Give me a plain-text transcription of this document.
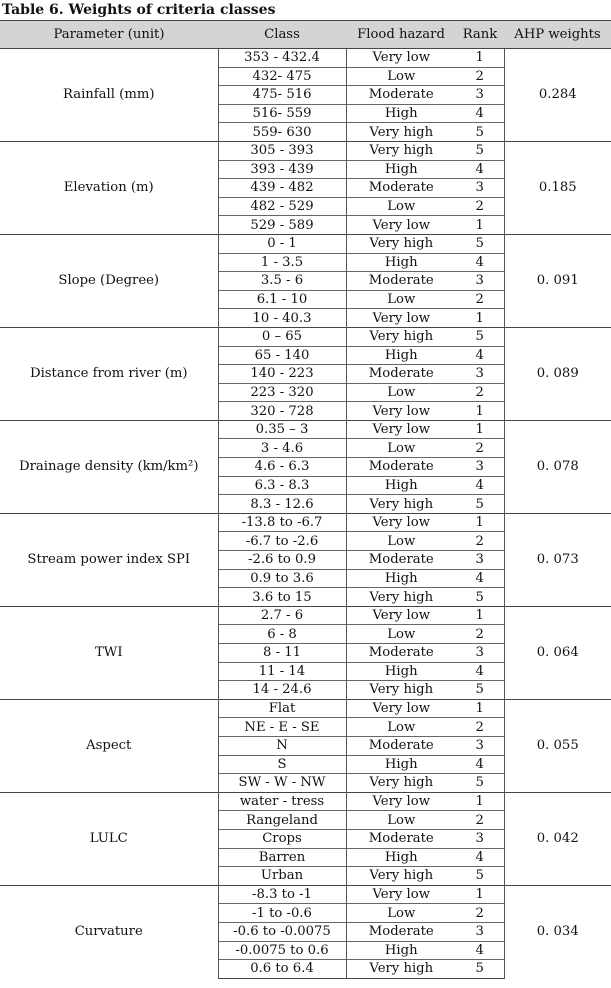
Table 6. Weights of criteria classes
Parameter (unit)	Class	Flood hazard	Rank	AHP weights
Rainfall (mm)	353 - 432.4	Very low	1	0.284
	432- 475	Low	2	
	475- 516	Moderate	3	
	516- 559	High	4	
	559- 630	Very high	5	
Elevation (m)	305 - 393	Very high	5	0.185
	393 - 439	High	4	
	439 - 482	Moderate	3	
	482 - 529	Low	2	
	529 - 589	Very low	1	
Slope (Degree)	0 - 1	Very high	5	0. 091
	1 - 3.5	High	4	
	3.5 - 6	Moderate	3	
	6.1 - 10	Low	2	
	10 - 40.3	Very low	1	
Distance from river (m)	0 – 65	Very high	5	0. 089
	65 - 140	High	4	
	140 - 223	Moderate	3	
	223 - 320	Low	2	
	320 - 728	Very low	1	
Drainage density (km/km²)	0.35 – 3	Very low	1	0. 078
	3 - 4.6	Low	2	
	4.6 - 6.3	Moderate	3	
	6.3 - 8.3	High	4	
	8.3 - 12.6	Very high	5	
Stream power index SPI	-13.8 to -6.7	Very low	1	0. 073
	-6.7 to -2.6	Low	2	
	-2.6 to 0.9	Moderate	3	
	0.9 to 3.6	High	4	
	3.6 to 15	Very high	5	
TWI	2.7 - 6	Very low	1	0. 064
	6 - 8	Low	2	
	8 - 11	Moderate	3	
	11 - 14	High	4	
	14 - 24.6	Very high	5	
Aspect	Flat	Very low	1	0. 055
	NE - E - SE	Low	2	
	N	Moderate	3	
	S	High	4	
	SW - W - NW	Very high	5	
LULC	water - tress	Very low	1	0. 042
	Rangeland	Low	2	
	Crops	Moderate	3	
	Barren	High	4	
	Urban	Very high	5	
Curvature	-8.3 to -1	Very low	1	0. 034
	-1 to -0.6	Low	2	
	-0.6 to -0.0075	Moderate	3	
	-0.0075 to 0.6	High	4	
	0.6 to 6.4	Very high	5	
